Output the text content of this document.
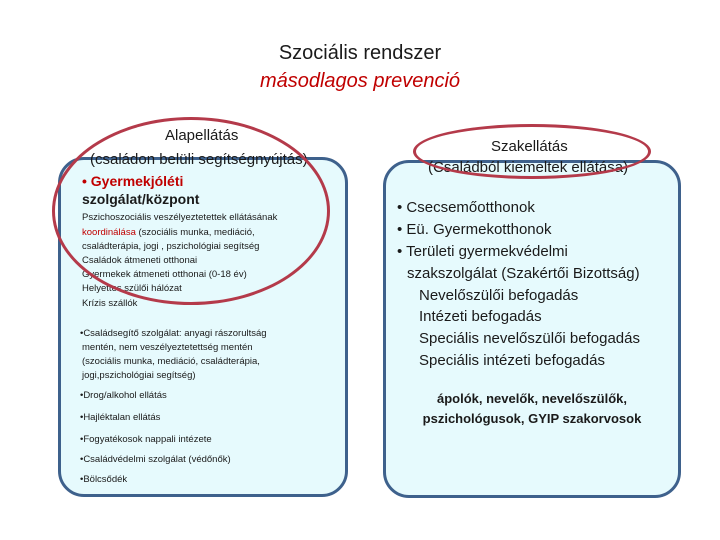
Szociális rendszer
másodlagos prevenció
Alapellátás
(családon belüli segítségnyújtás)
• Gyermekjóléti
szolgálat/központ
Pszichoszociális veszélyeztetettek ellátásának
koordinálása (szociális munka, mediáció,
családterápia, jogi , pszichológiai segítség
Családok átmeneti otthonai
Gyermekek átmeneti otthonai (0-18 év)
Helyettes szülői hálózat
Krízis szállók
•Családsegítő szolgálat: anyagi rászorultság
mentén, nem veszélyeztetettség mentén
(szociális munka, mediáció, családterápia,
jogi,pszichológiai segítség)
•Drog/alkohol ellátás
•Hajléktalan ellátás
•Fogyatékosok nappali intézete
•Családvédelmi szolgálat (védőnők)
•Bölcsődék
Szakellátás
(Családból kiemeltek ellátása)
• Csecsemőotthonok
• Eü. Gyermekotthonok
• Területi gyermekvédelmi
szakszolgálat (Szakértői Bizottság)
Nevelőszülői befogadás
Intézeti befogadás
Speciális nevelőszülői befogadás
Speciális intézeti befogadás
ápolók, nevelők, nevelőszülők,
pszichológusok, GYIP szakorvosok
